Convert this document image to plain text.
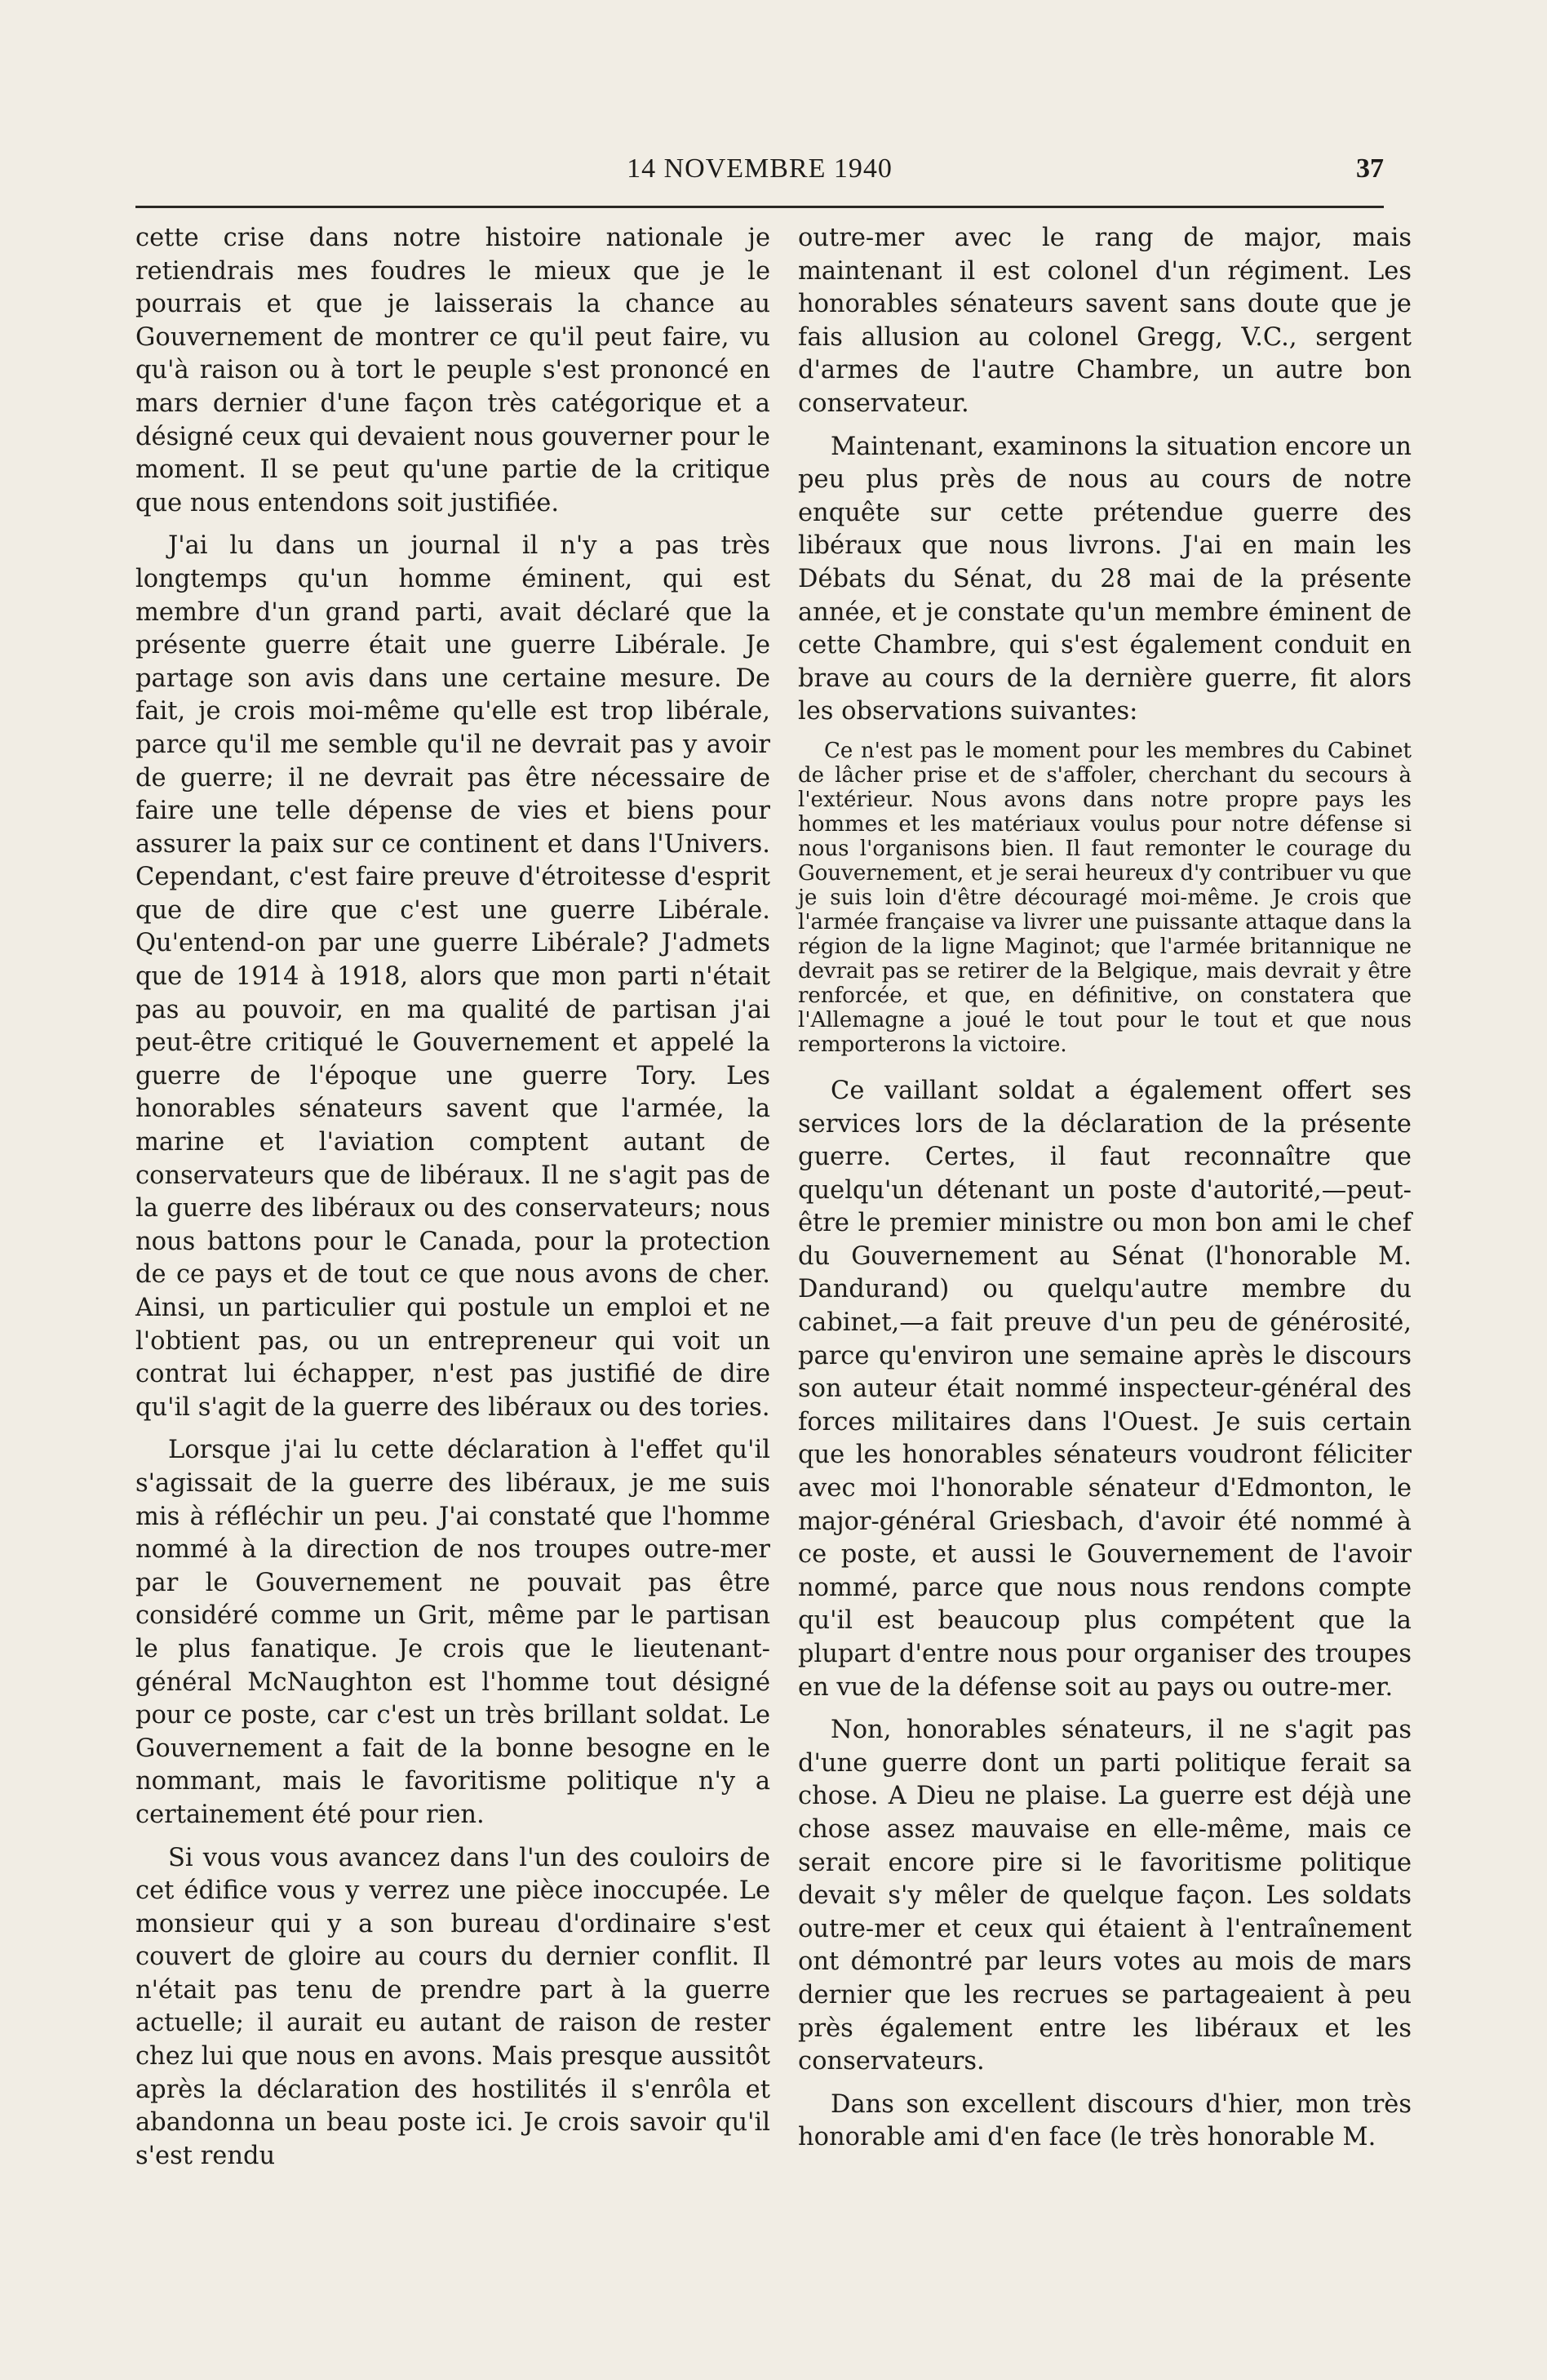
14 NOVEMBRE 1940	37

cette crise dans notre histoire nationale je retiendrais mes foudres le mieux que je le pourrais et que je laisserais la chance au Gouvernement de montrer ce qu'il peut faire, vu qu'à raison ou à tort le peuple s'est prononcé en mars dernier d'une façon très catégorique et a désigné ceux qui devaient nous gouverner pour le moment. Il se peut qu'une partie de la critique que nous entendons soit justifiée.

J'ai lu dans un journal il n'y a pas très longtemps qu'un homme éminent, qui est membre d'un grand parti, avait déclaré que la présente guerre était une guerre Libérale. Je partage son avis dans une certaine mesure. De fait, je crois moi-même qu'elle est trop libérale, parce qu'il me semble qu'il ne devrait pas y avoir de guerre; il ne devrait pas être nécessaire de faire une telle dépense de vies et biens pour assurer la paix sur ce continent et dans l'Univers. Cependant, c'est faire preuve d'étroitesse d'esprit que de dire que c'est une guerre Libérale. Qu'entend-on par une guerre Libérale? J'admets que de 1914 à 1918, alors que mon parti n'était pas au pouvoir, en ma qualité de partisan j'ai peut-être critiqué le Gouvernement et appelé la guerre de l'époque une guerre Tory. Les honorables sénateurs savent que l'armée, la marine et l'aviation comptent autant de conservateurs que de libéraux. Il ne s'agit pas de la guerre des libéraux ou des conservateurs; nous nous battons pour le Canada, pour la protection de ce pays et de tout ce que nous avons de cher. Ainsi, un particulier qui postule un emploi et ne l'obtient pas, ou un entrepreneur qui voit un contrat lui échapper, n'est pas justifié de dire qu'il s'agit de la guerre des libéraux ou des tories.

Lorsque j'ai lu cette déclaration à l'effet qu'il s'agissait de la guerre des libéraux, je me suis mis à réfléchir un peu. J'ai constaté que l'homme nommé à la direction de nos troupes outre-mer par le Gouvernement ne pouvait pas être considéré comme un Grit, même par le partisan le plus fanatique. Je crois que le lieutenant-général McNaughton est l'homme tout désigné pour ce poste, car c'est un très brillant soldat. Le Gouvernement a fait de la bonne besogne en le nommant, mais le favoritisme politique n'y a certainement été pour rien.

Si vous vous avancez dans l'un des couloirs de cet édifice vous y verrez une pièce inoccupée. Le monsieur qui y a son bureau d'ordinaire s'est couvert de gloire au cours du dernier conflit. Il n'était pas tenu de prendre part à la guerre actuelle; il aurait eu autant de raison de rester chez lui que nous en avons. Mais presque aussitôt après la déclaration des hostilités il s'enrôla et abandonna un beau poste ici. Je crois savoir qu'il s'est rendu

outre-mer avec le rang de major, mais maintenant il est colonel d'un régiment. Les honorables sénateurs savent sans doute que je fais allusion au colonel Gregg, V.C., sergent d'armes de l'autre Chambre, un autre bon conservateur.

Maintenant, examinons la situation encore un peu plus près de nous au cours de notre enquête sur cette prétendue guerre des libéraux que nous livrons. J'ai en main les Débats du Sénat, du 28 mai de la présente année, et je constate qu'un membre éminent de cette Chambre, qui s'est également conduit en brave au cours de la dernière guerre, fit alors les observations suivantes:

Ce n'est pas le moment pour les membres du Cabinet de lâcher prise et de s'affoler, cherchant du secours à l'extérieur. Nous avons dans notre propre pays les hommes et les matériaux voulus pour notre défense si nous l'organisons bien. Il faut remonter le courage du Gouvernement, et je serai heureux d'y contribuer vu que je suis loin d'être découragé moi-même. Je crois que l'armée française va livrer une puissante attaque dans la région de la ligne Maginot; que l'armée britannique ne devrait pas se retirer de la Belgique, mais devrait y être renforcée, et que, en définitive, on constatera que l'Allemagne a joué le tout pour le tout et que nous remporterons la victoire.

Ce vaillant soldat a également offert ses services lors de la déclaration de la présente guerre. Certes, il faut reconnaître que quelqu'un détenant un poste d'autorité,—peut-être le premier ministre ou mon bon ami le chef du Gouvernement au Sénat (l'honorable M. Dandurand) ou quelqu'autre membre du cabinet,—a fait preuve d'un peu de générosité, parce qu'environ une semaine après le discours son auteur était nommé inspecteur-général des forces militaires dans l'Ouest. Je suis certain que les honorables sénateurs voudront féliciter avec moi l'honorable sénateur d'Edmonton, le major-général Griesbach, d'avoir été nommé à ce poste, et aussi le Gouvernement de l'avoir nommé, parce que nous nous rendons compte qu'il est beaucoup plus compétent que la plupart d'entre nous pour organiser des troupes en vue de la défense soit au pays ou outre-mer.

Non, honorables sénateurs, il ne s'agit pas d'une guerre dont un parti politique ferait sa chose. A Dieu ne plaise. La guerre est déjà une chose assez mauvaise en elle-même, mais ce serait encore pire si le favoritisme politique devait s'y mêler de quelque façon. Les soldats outre-mer et ceux qui étaient à l'entraînement ont démontré par leurs votes au mois de mars dernier que les recrues se partageaient à peu près également entre les libéraux et les conservateurs.

Dans son excellent discours d'hier, mon très honorable ami d'en face (le très honorable M.
